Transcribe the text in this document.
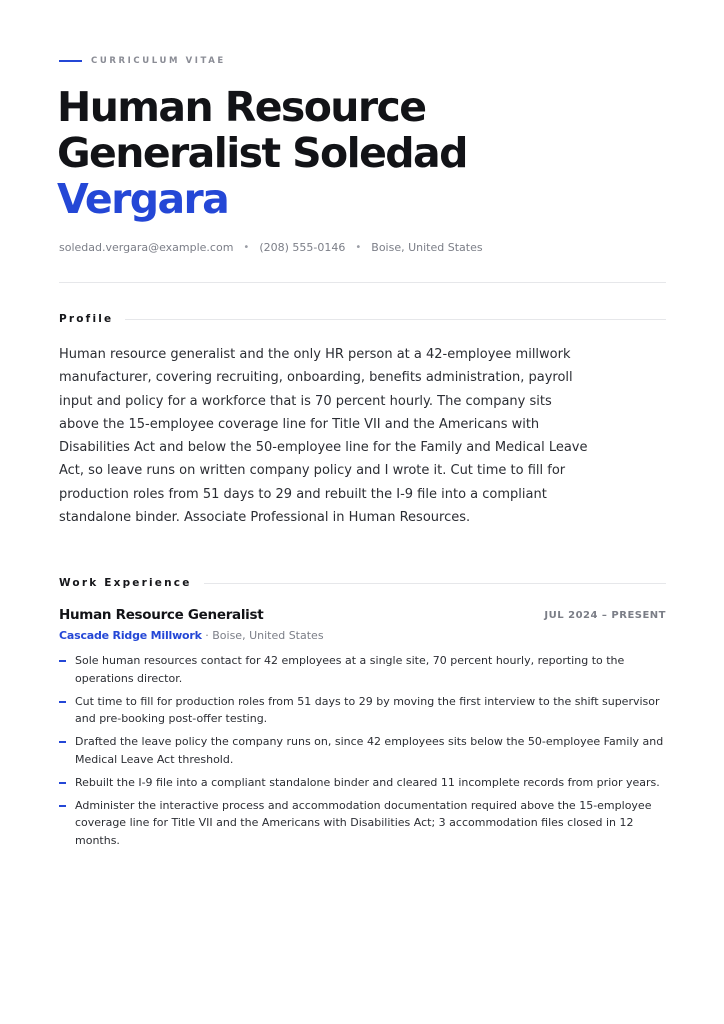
CURRICULUM VITAE
Human Resource
Generalist Soledad
Vergara
soledad.vergara@example.com • (208) 555-0146 • Boise, United States
Profile

Human resource generalist and the only HR person at a 42-employee millwork manufacturer, covering recruiting, onboarding, benefits administration, payroll input and policy for a workforce that is 70 percent hourly. The company sits above the 15-employee coverage line for Title VII and the Americans with Disabilities Act and below the 50-employee line for the Family and Medical Leave Act, so leave runs on written company policy and I wrote it. Cut time to fill for production roles from 51 days to 29 and rebuilt the I-9 file into a compliant standalone binder. Associate Professional in Human Resources.

Work Experience
Human Resource Generalist	JUL 2024 – PRESENT
Cascade Ridge Millwork · Boise, United States
Sole human resources contact for 42 employees at a single site, 70 percent hourly, reporting to the operations director.
Cut time to fill for production roles from 51 days to 29 by moving the first interview to the shift supervisor and pre-booking post-offer testing.
Drafted the leave policy the company runs on, since 42 employees sits below the 50-employee Family and Medical Leave Act threshold.
Rebuilt the I-9 file into a compliant standalone binder and cleared 11 incomplete records from prior years.
Administer the interactive process and accommodation documentation required above the 15-employee coverage line for Title VII and the Americans with Disabilities Act; 3 accommodation files closed in 12 months.
